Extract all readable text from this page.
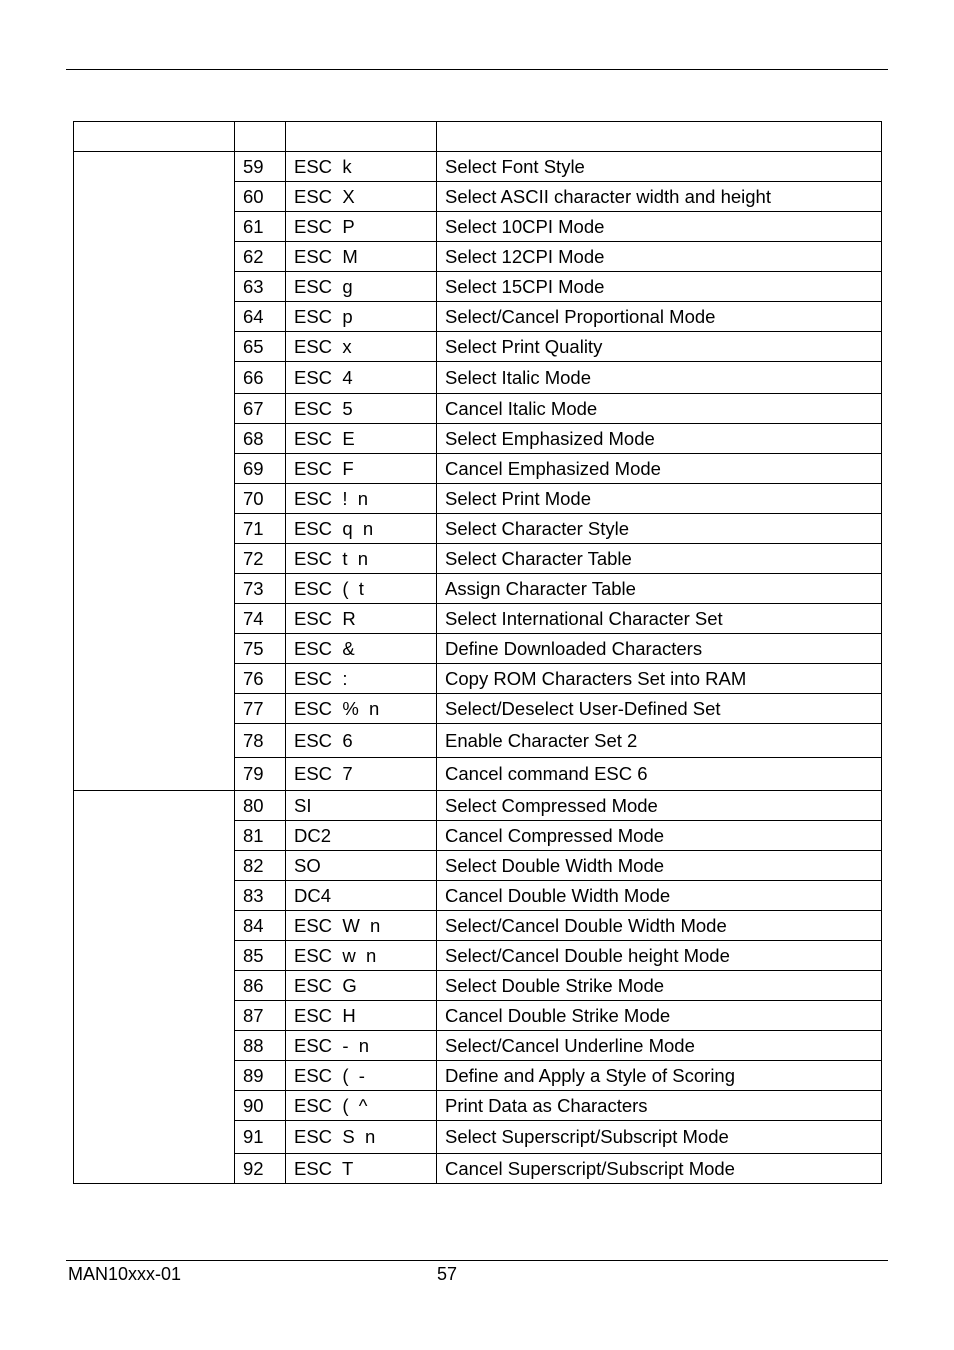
	59	ESC  k	Select Font Style
	60	ESC  X	Select ASCII character width and height
	61	ESC  P	Select 10CPI Mode
	62	ESC  M	Select 12CPI Mode
	63	ESC  g	Select 15CPI Mode
	64	ESC  p	Select/Cancel Proportional Mode
	65	ESC  x	Select Print Quality
	66	ESC  4	Select Italic Mode
	67	ESC  5	Cancel Italic Mode
	68	ESC  E	Select Emphasized Mode
	69	ESC  F	Cancel Emphasized Mode
	70	ESC  !  n	Select Print Mode
	71	ESC  q  n	Select Character Style
	72	ESC  t  n	Select Character Table
	73	ESC  (  t	Assign Character Table
	74	ESC  R	Select International Character Set
	75	ESC  &	Define Downloaded Characters
	76	ESC  :	Copy ROM Characters Set into RAM
	77	ESC  %  n	Select/Deselect User-Defined Set
	78	ESC  6	Enable Character Set 2
	79	ESC  7	Cancel command ESC 6
	80	SI	Select Compressed Mode
	81	DC2	Cancel Compressed Mode
	82	SO	Select Double Width Mode
	83	DC4	Cancel Double Width Mode
	84	ESC  W  n	Select/Cancel Double Width Mode
	85	ESC  w  n	Select/Cancel Double height Mode
	86	ESC  G	Select Double Strike Mode
	87	ESC  H	Cancel Double Strike Mode
	88	ESC  -  n	Select/Cancel Underline Mode
	89	ESC  (  -	Define and Apply a Style of Scoring
	90	ESC  (  ^	Print Data as Characters
	91	ESC  S  n	Select Superscript/Subscript Mode
	92	ESC  T	Cancel Superscript/Subscript Mode
MAN10xxx-01	57
